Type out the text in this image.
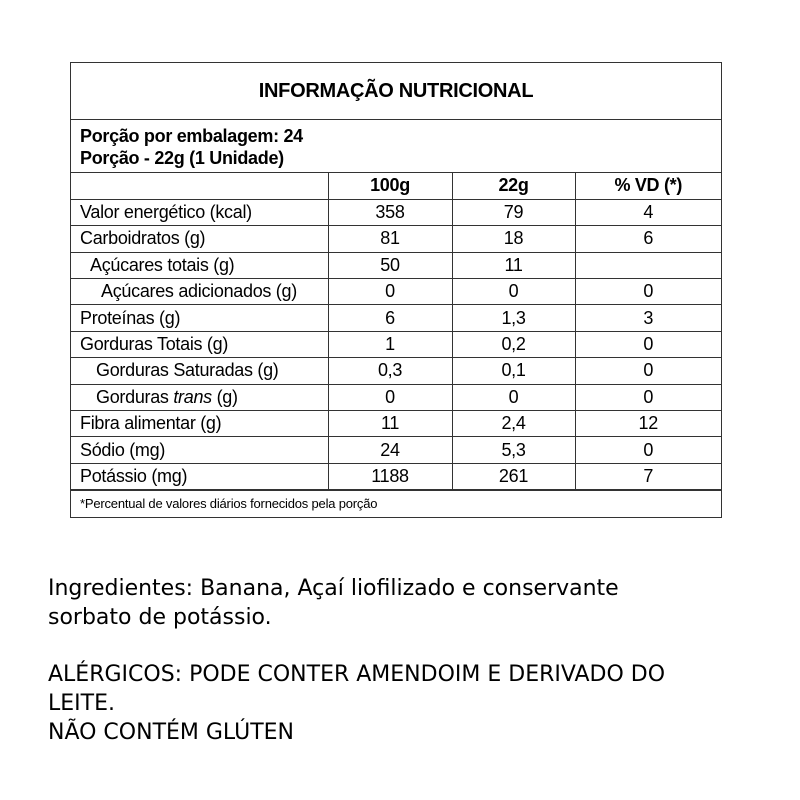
INFORMAÇÃO NUTRICIONAL
Porção por embalagem: 24
Porção - 22g (1 Unidade)
	100g	22g	% VD (*)
Valor energético (kcal)	358	79	4
Carboidratos (g)	81	18	6
Açúcares totais (g)	50	11	
Açúcares adicionados (g)	0	0	0
Proteínas (g)	6	1,3	3
Gorduras Totais (g)	1	0,2	0
Gorduras Saturadas (g)	0,3	0,1	0
Gorduras trans (g)	0	0	0
Fibra alimentar (g)	11	2,4	12
Sódio (mg)	24	5,3	0
Potássio (mg)	1188	261	7
*Percentual de valores diários fornecidos pela porção

Ingredientes: Banana, Açaí liofilizado e conservante

sorbato de potássio.

ALÉRGICOS: PODE CONTER AMENDOIM E DERIVADO DO

LEITE.

NÃO CONTÉM GLÚTEN
